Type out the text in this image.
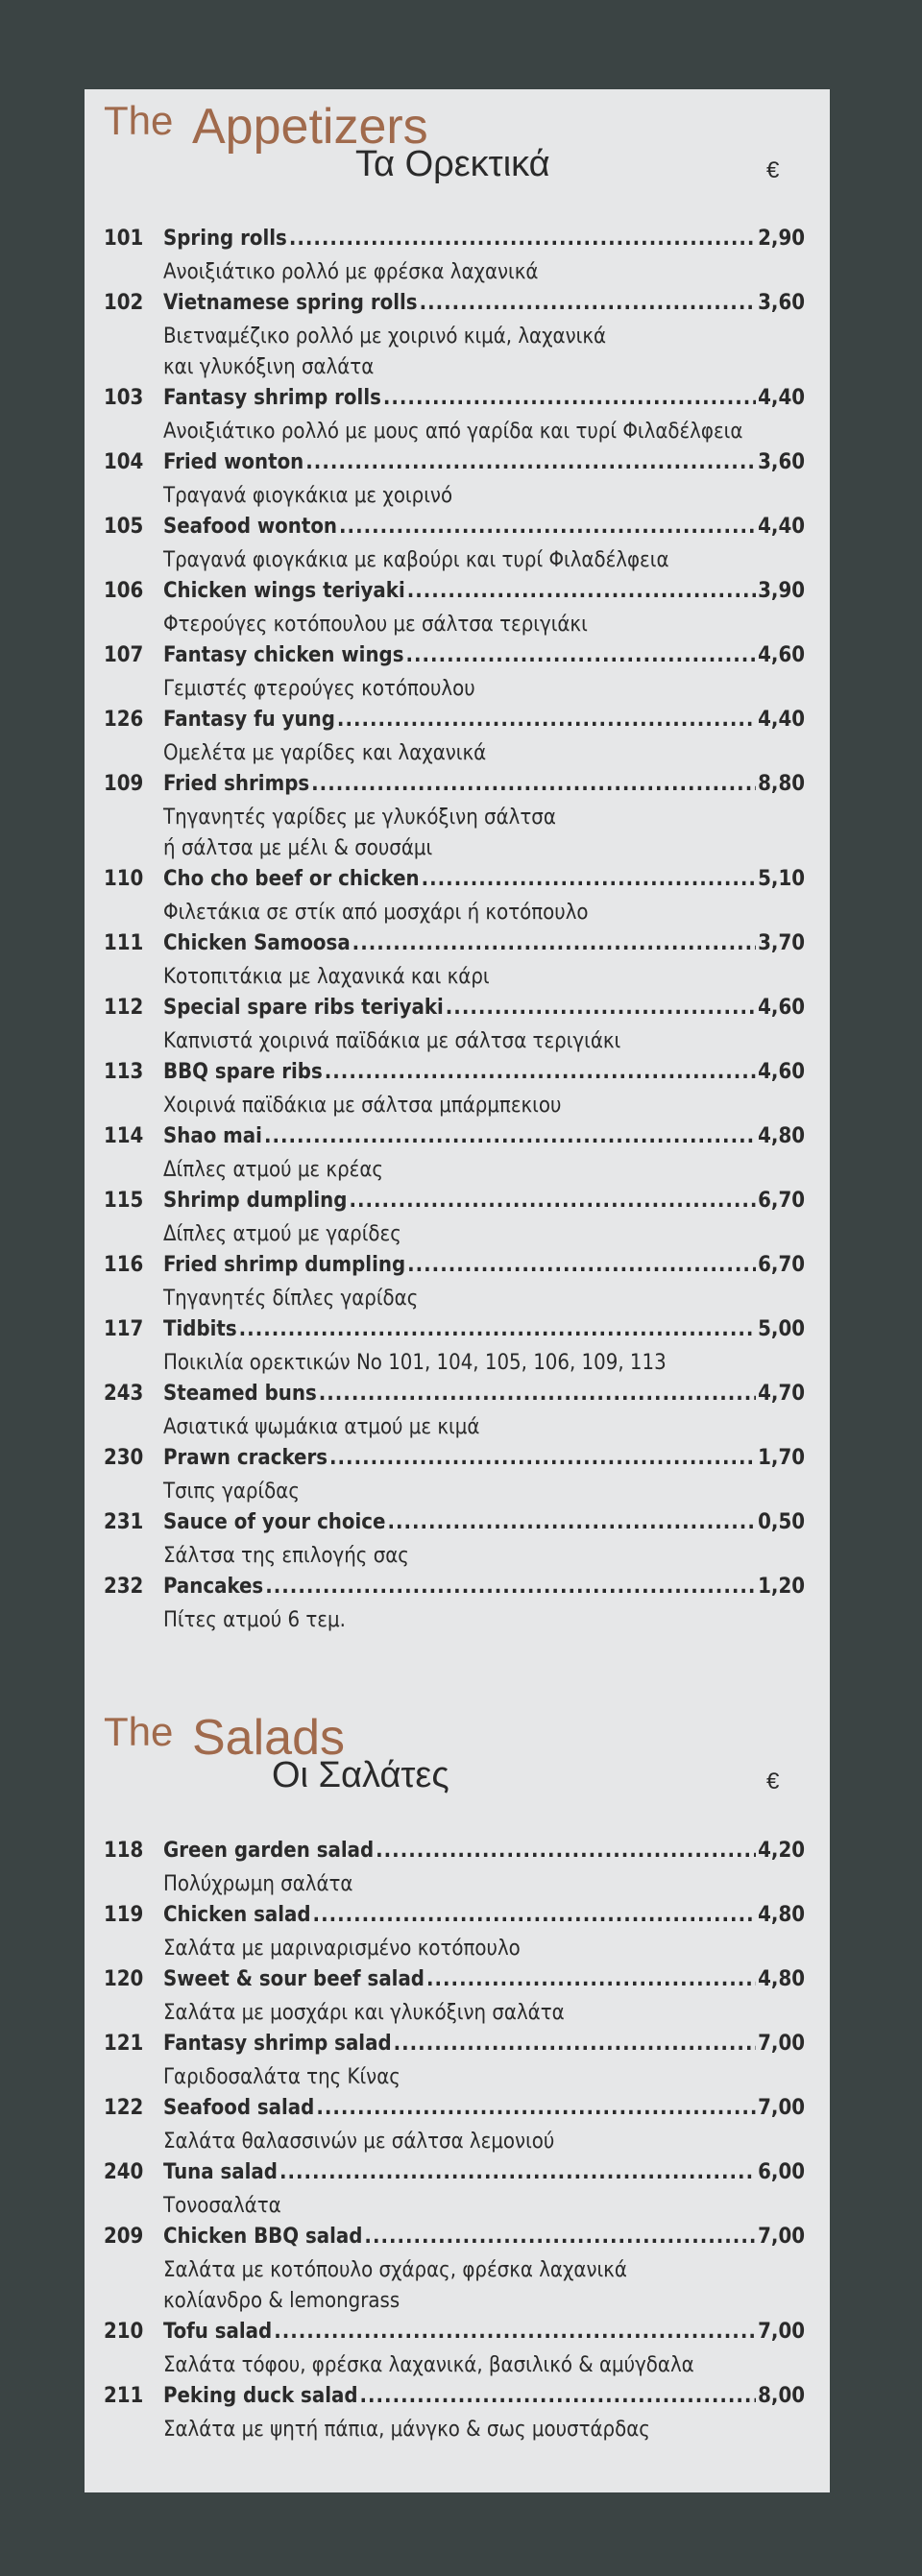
The Appetizers
Τα Ορεκτικά	€
101 Spring rolls .....	2,90
Ανοιξιάτικο ρολλό με φρέσκα λαχανικά
102 Vietnamese spring rolls .....	3,60
Βιετναμέζικο ρολλό με χοιρινό κιμά, λαχανικά
και γλυκόξινη σαλάτα
103 Fantasy shrimp rolls .....	4,40
Ανοιξιάτικο ρολλό με μους από γαρίδα και τυρί Φιλαδέλφεια
104 Fried wonton .....	3,60
Τραγανά φιογκάκια με χοιρινό
105 Seafood wonton .....	4,40
Τραγανά φιογκάκια με καβούρι και τυρί Φιλαδέλφεια
106 Chicken wings teriyaki .....	3,90
Φτερούγες κοτόπουλου με σάλτσα τεριγιάκι
107 Fantasy chicken wings .....	4,60
Γεμιστές φτερούγες κοτόπουλου
126 Fantasy fu yung .....	4,40
Ομελέτα με γαρίδες και λαχανικά
109 Fried shrimps .....	8,80
Τηγανητές γαρίδες με γλυκόξινη σάλτσα
ή σάλτσα με μέλι & σουσάμι
110 Cho cho beef or chicken .....	5,10
Φιλετάκια σε στίκ από μοσχάρι ή κοτόπουλο
111 Chicken Samoosa .....	3,70
Κοτοπιτάκια με λαχανικά και κάρι
112 Special spare ribs teriyaki .....	4,60
Καπνιστά χοιρινά παϊδάκια με σάλτσα τεριγιάκι
113 BBQ spare ribs .....	4,60
Χοιρινά παϊδάκια με σάλτσα μπάρμπεκιου
114 Shao mai .....	4,80
Δίπλες ατμού με κρέας
115 Shrimp dumpling .....	6,70
Δίπλες ατμού με γαρίδες
116 Fried shrimp dumpling .....	6,70
Τηγανητές δίπλες γαρίδας
117 Tidbits .....	5,00
Ποικιλία ορεκτικών No 101, 104, 105, 106, 109, 113
243 Steamed buns .....	4,70
Ασιατικά ψωμάκια ατμού με κιμά
230 Prawn crackers .....	1,70
Τσιπς γαρίδας
231 Sauce of your choice .....	0,50
Σάλτσα της επιλογής σας
232 Pancakes .....	1,20
Πίτες ατμού 6 τεμ.
The Salads
Οι Σαλάτες	€
118 Green garden salad .....	4,20
Πολύχρωμη σαλάτα
119 Chicken salad .....	4,80
Σαλάτα με μαριναρισμένο κοτόπουλο
120 Sweet & sour beef salad .....	4,80
Σαλάτα με μοσχάρι και γλυκόξινη σαλάτα
121 Fantasy shrimp salad .....	7,00
Γαριδοσαλάτα της Κίνας
122 Seafood salad .....	7,00
Σαλάτα θαλασσινών με σάλτσα λεμονιού
240 Tuna salad .....	6,00
Τονοσαλάτα
209 Chicken BBQ salad .....	7,00
Σαλάτα με κοτόπουλο σχάρας, φρέσκα λαχανικά
κολίανδρο & lemongrass
210 Tofu salad .....	7,00
Σαλάτα τόφου, φρέσκα λαχανικά, βασιλικό & αμύγδαλα
211 Peking duck salad .....	8,00
Σαλάτα με ψητή πάπια, μάνγκο & σως μουστάρδας
